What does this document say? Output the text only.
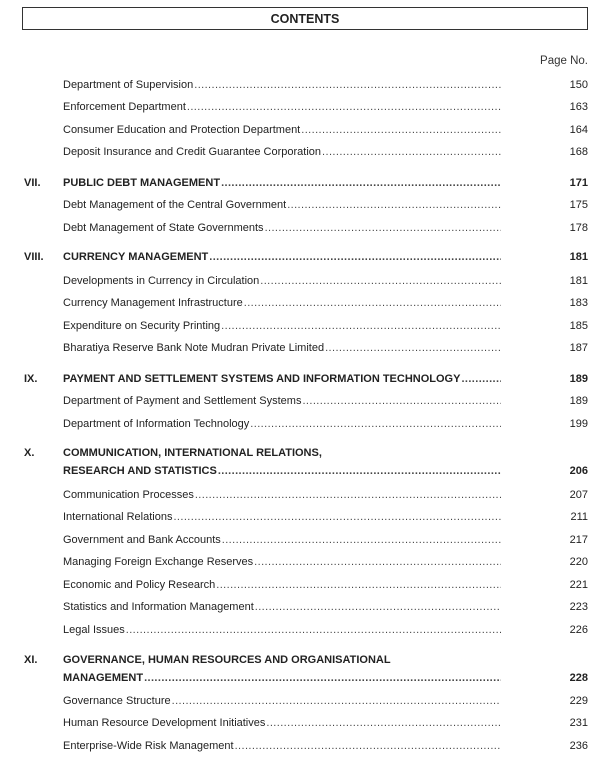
CONTENTS
Page No.
Department of Supervision .....	150
Enforcement Department .....	163
Consumer Education and Protection Department .....	164
Deposit Insurance and Credit Guarantee Corporation .....	168
VII. PUBLIC DEBT MANAGEMENT .....	171
Debt Management of the Central Government .....	175
Debt Management of State Governments .....	178
VIII. CURRENCY MANAGEMENT .....	181
Developments in Currency in Circulation .....	181
Currency Management Infrastructure .....	183
Expenditure on Security Printing .....	185
Bharatiya Reserve Bank Note Mudran Private Limited .....	187
IX. PAYMENT AND SETTLEMENT SYSTEMS AND INFORMATION TECHNOLOGY .....	189
Department of Payment and Settlement Systems .....	189
Department of Information Technology .....	199
X.	COMMUNICATION, INTERNATIONAL RELATIONS,
RESEARCH AND STATISTICS .....	206
Communication Processes .....	207
International Relations .....	211
Government and Bank Accounts .....	217
Managing Foreign Exchange Reserves .....	220
Economic and Policy Research .....	221
Statistics and Information Management .....	223
Legal Issues .....	226
XI. GOVERNANCE, HUMAN RESOURCES AND ORGANISATIONAL
MANAGEMENT .....	228
Governance Structure .....	229
Human Resource Development Initiatives .....	231
Enterprise-Wide Risk Management .....	236
